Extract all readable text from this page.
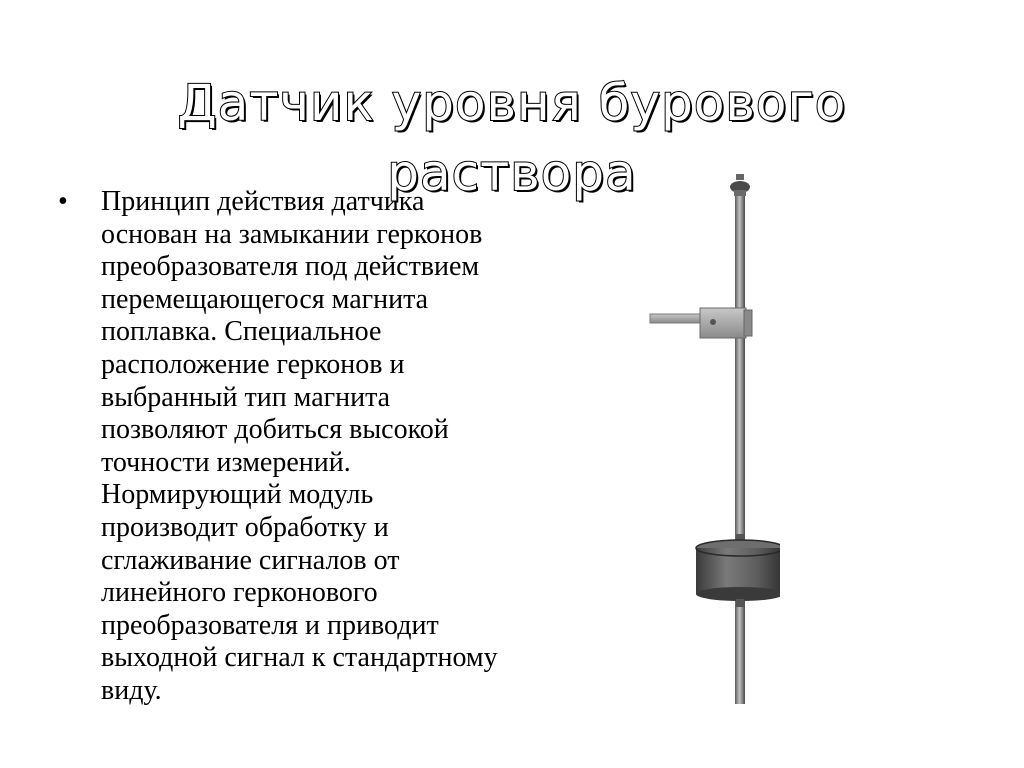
Датчик уровня бурового
раствора
• Принцип действия датчика
основан на замыкании герконов
преобразователя под действием
перемещающегося магнита
поплавка. Специальное
расположение герконов и
выбранный тип магнита
позволяют добиться высокой
точности измерений.
Нормирующий модуль
производит обработку и
сглаживание сигналов от
линейного герконового
преобразователя и приводит
выходной сигнал к стандартному
виду.
